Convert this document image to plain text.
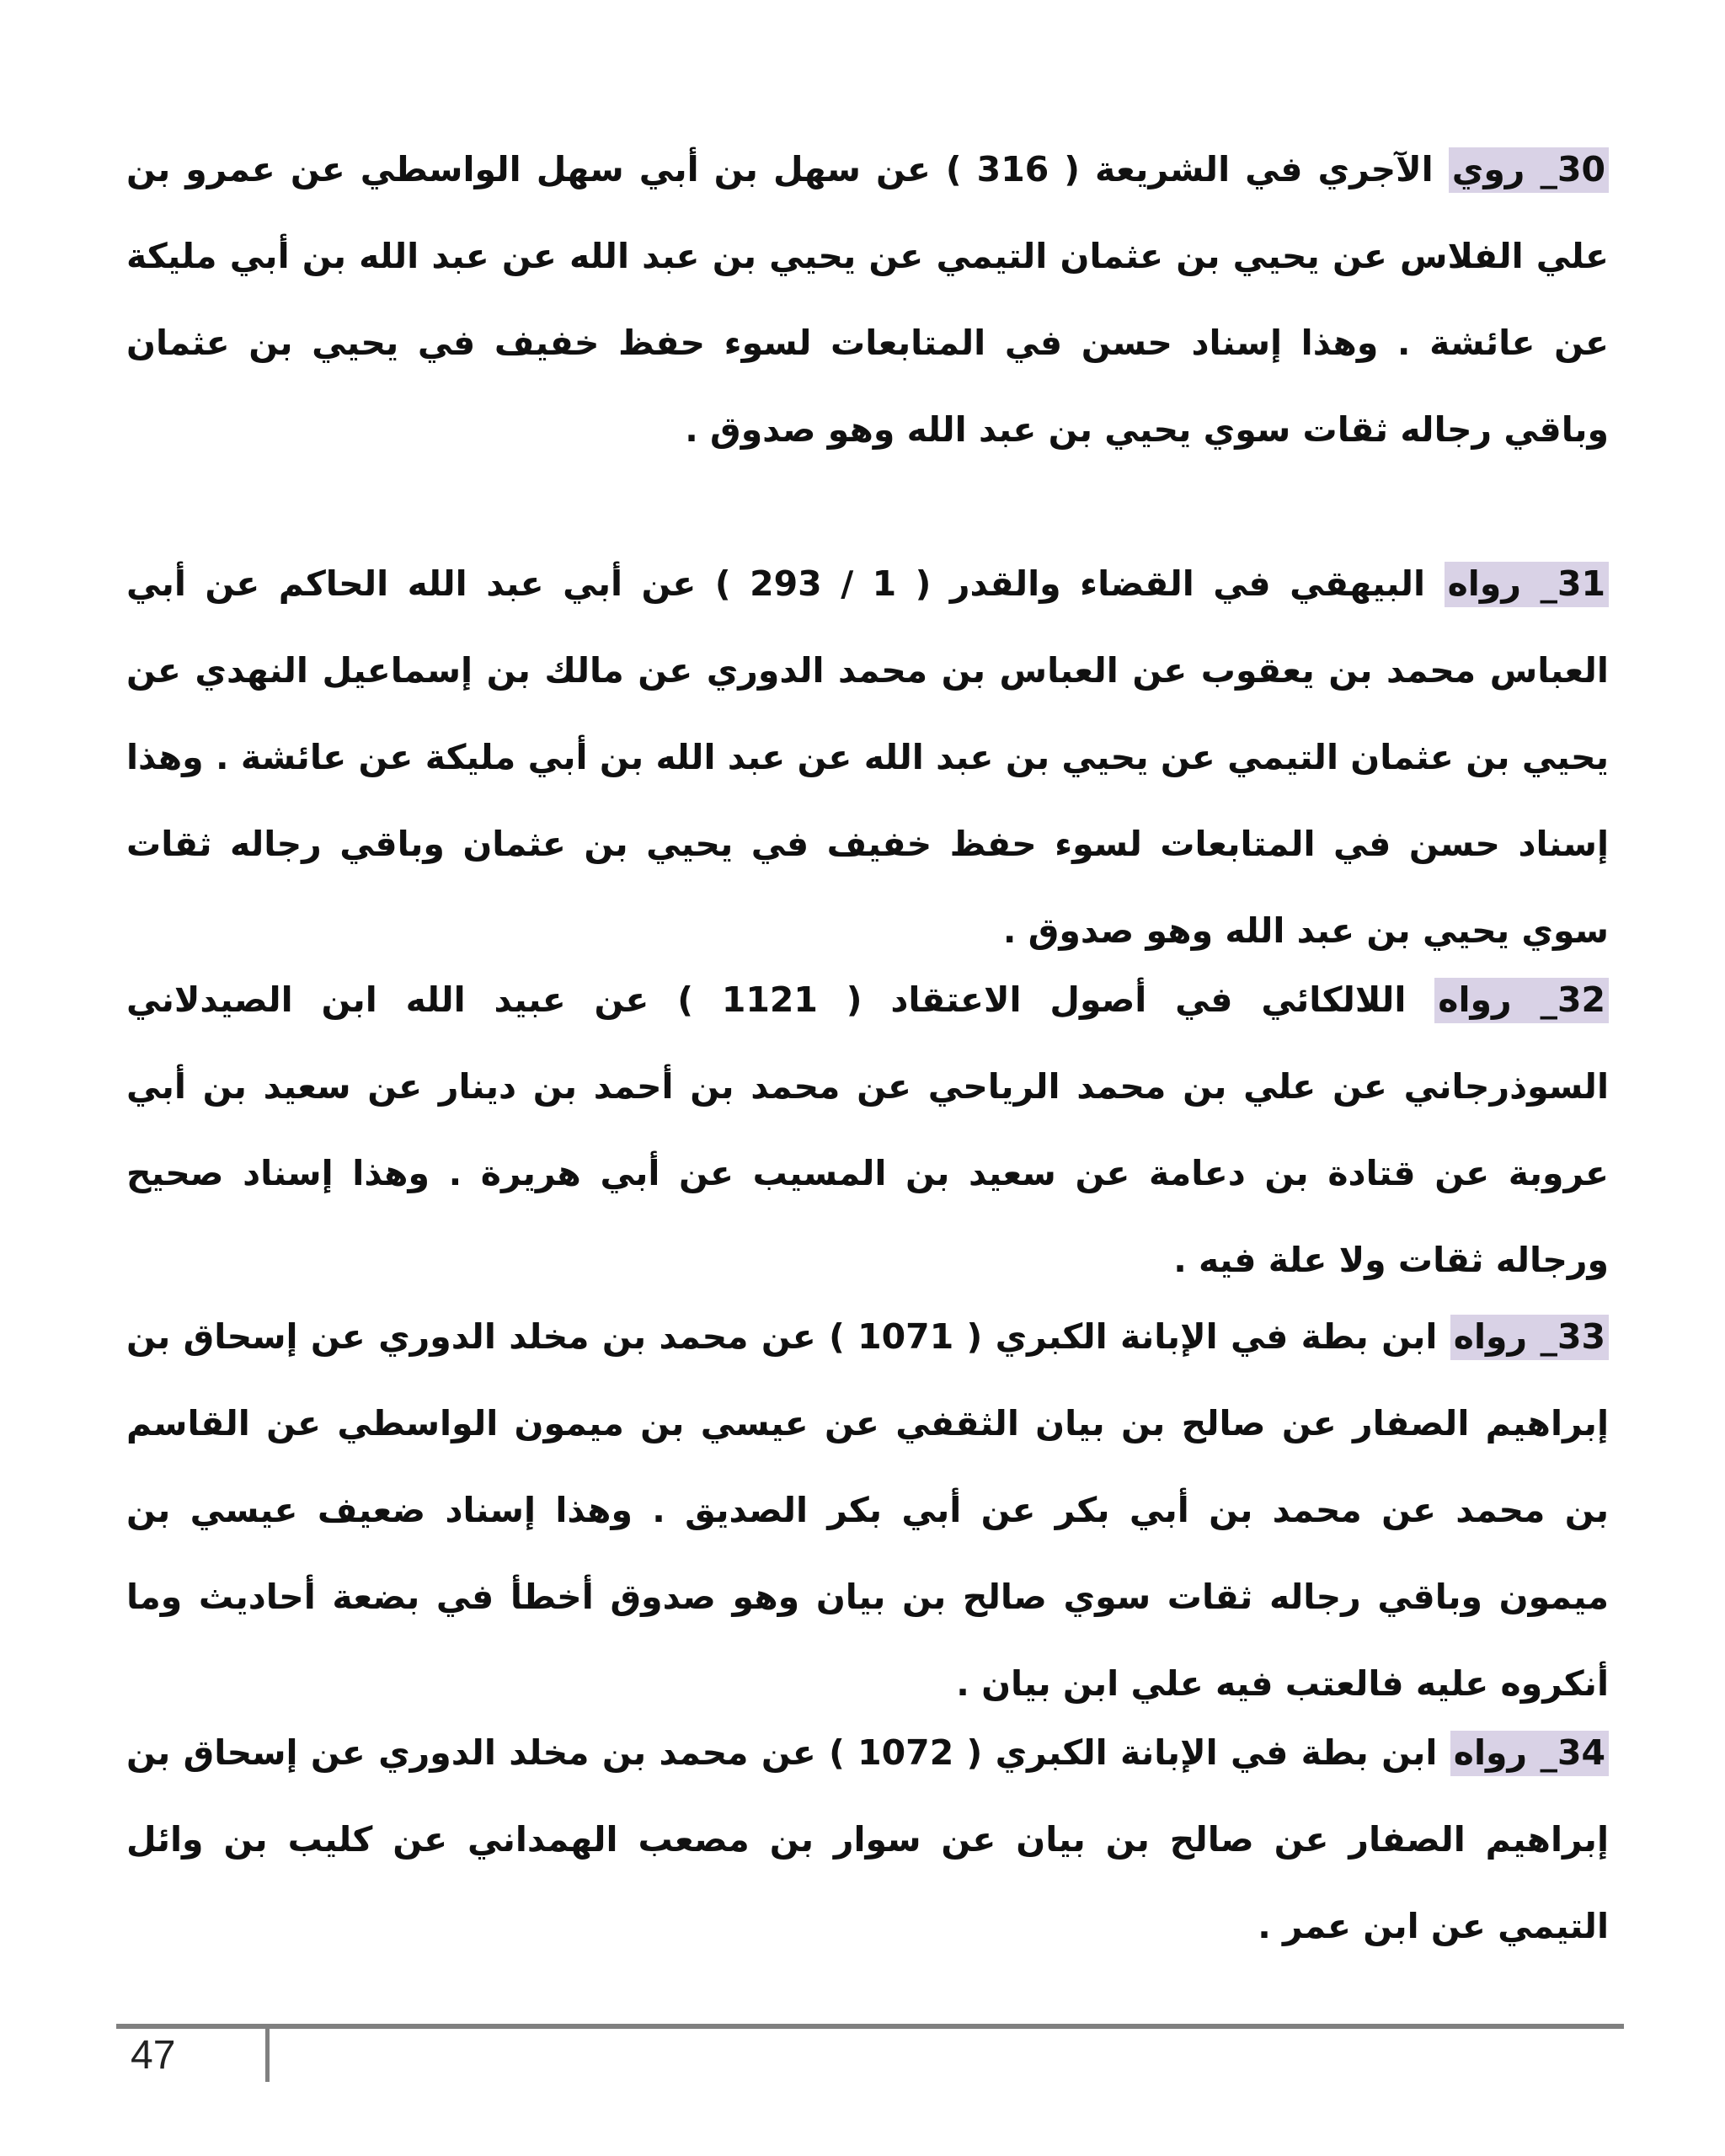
30_ روي الآجري في الشريعة ( 316 ) عن سهل بن أبي سهل الواسطي عن عمرو بن علي الفلاس عن يحيي بن عثمان التيمي عن يحيي بن عبد الله عن عبد الله بن أبي مليكة عن عائشة . وهذا إسناد حسن في المتابعات لسوء حفظ خفيف في يحيي بن عثمان وباقي رجاله ثقات سوي يحيي بن عبد الله وهو صدوق .

31_ رواه البيهقي في القضاء والقدر ( 1 / 293 ) عن أبي عبد الله الحاكم عن أبي العباس محمد بن يعقوب عن العباس بن محمد الدوري عن مالك بن إسماعيل النهدي عن يحيي بن عثمان التيمي عن يحيي بن عبد الله عن عبد الله بن أبي مليكة عن عائشة . وهذا إسناد حسن في المتابعات لسوء حفظ خفيف في يحيي بن عثمان وباقي رجاله ثقات سوي يحيي بن عبد الله وهو صدوق .

32_ رواه اللالكائي في أصول الاعتقاد ( 1121 ) عن عبيد الله ابن الصيدلاني السوذرجاني عن علي بن محمد الرياحي عن محمد بن أحمد بن دينار عن سعيد بن أبي عروبة عن قتادة بن دعامة عن سعيد بن المسيب عن أبي هريرة . وهذا إسناد صحيح ورجاله ثقات ولا علة فيه .

33_ رواه ابن بطة في الإبانة الكبري ( 1071 ) عن محمد بن مخلد الدوري عن إسحاق بن إبراهيم الصفار عن صالح بن بيان الثقفي عن عيسي بن ميمون الواسطي عن القاسم بن محمد عن محمد بن أبي بكر عن أبي بكر الصديق . وهذا إسناد ضعيف عيسي بن ميمون وباقي رجاله ثقات سوي صالح بن بيان وهو صدوق أخطأ في بضعة أحاديث وما أنكروه عليه فالعتب فيه علي ابن بيان .

34_ رواه ابن بطة في الإبانة الكبري ( 1072 ) عن محمد بن مخلد الدوري عن إسحاق بن إبراهيم الصفار عن صالح بن بيان عن سوار بن مصعب الهمداني عن كليب بن وائل التيمي عن ابن عمر .

47
